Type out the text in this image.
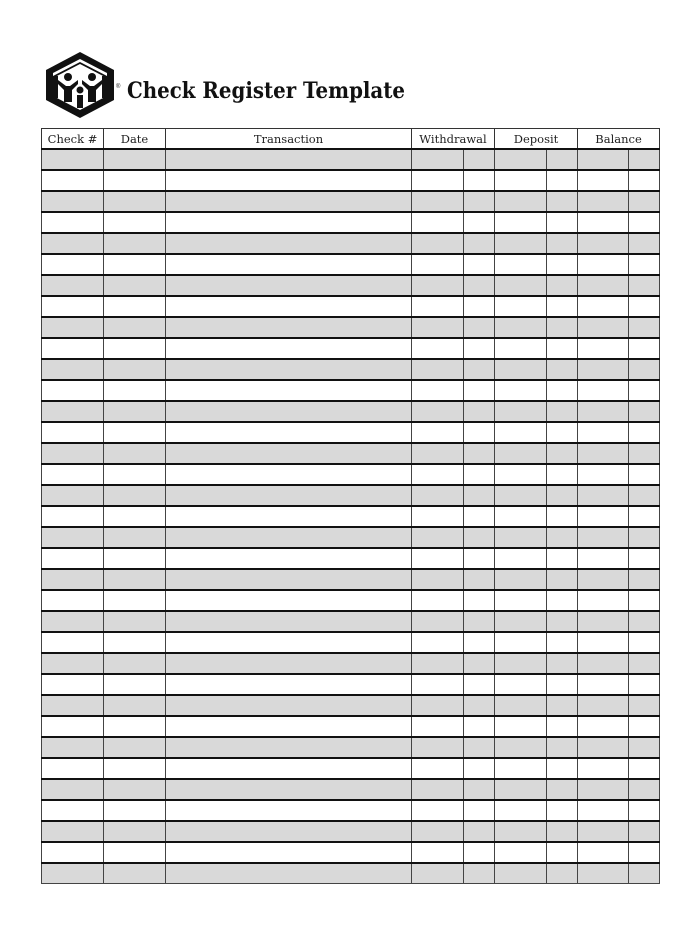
® Check Register Template
Check #	Date	Transaction	Withdrawal		Deposit		Balance	
